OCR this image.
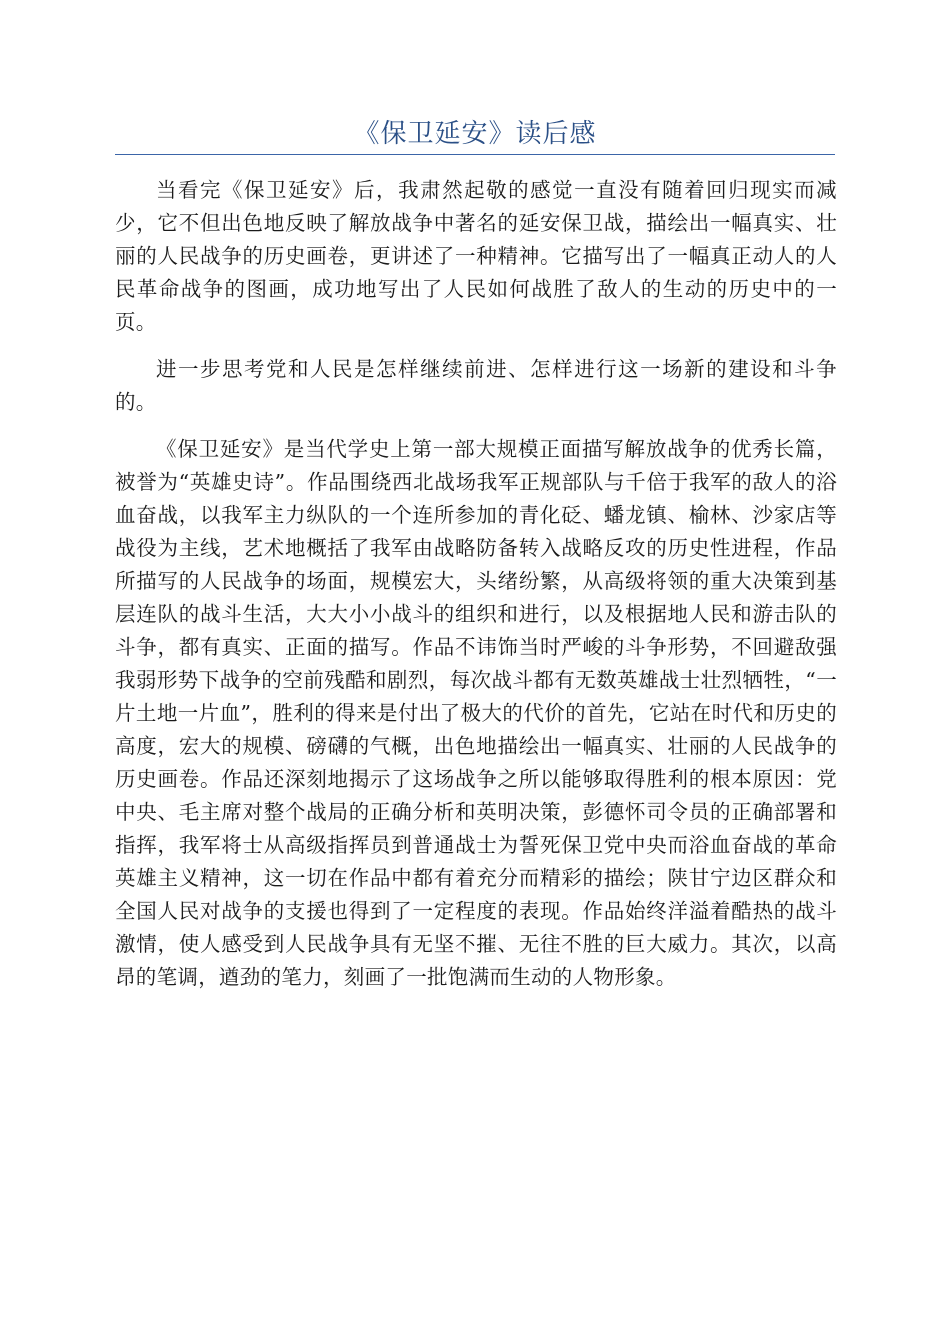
《保卫延安》读后感

当看完《保卫延安》后，我肃然起敬的感觉一直没有随着回归现实而减少，它不但出色地反映了解放战争中著名的延安保卫战，描绘出一幅真实、壮丽的人民战争的历史画卷，更讲述了一种精神。它描写出了一幅真正动人的人民革命战争的图画，成功地写出了人民如何战胜了敌人的生动的历史中的一页。

进一步思考党和人民是怎样继续前进、怎样进行这一场新的建设和斗争的。

《保卫延安》是当代学史上第一部大规模正面描写解放战争的优秀长篇，被誉为“英雄史诗”。作品围绕西北战场我军正规部队与千倍于我军的敌人的浴血奋战，以我军主力纵队的一个连所参加的青化砭、蟠龙镇、榆林、沙家店等战役为主线，艺术地概括了我军由战略防备转入战略反攻的历史性进程，作品所描写的人民战争的场面，规模宏大，头绪纷繁，从高级将领的重大决策到基层连队的战斗生活，大大小小战斗的组织和进行，以及根据地人民和游击队的斗争，都有真实、正面的描写。作品不讳饰当时严峻的斗争形势，不回避敌强我弱形势下战争的空前残酷和剧烈，每次战斗都有无数英雄战士壮烈牺牲，“一片土地一片血”，胜利的得来是付出了极大的代价的首先，它站在时代和历史的高度，宏大的规模、磅礴的气概，出色地描绘出一幅真实、壮丽的人民战争的历史画卷。作品还深刻地揭示了这场战争之所以能够取得胜利的根本原因：党中央、毛主席对整个战局的正确分析和英明决策，彭德怀司令员的正确部署和指挥，我军将士从高级指挥员到普通战士为誓死保卫党中央而浴血奋战的革命英雄主义精神，这一切在作品中都有着充分而精彩的描绘；陕甘宁边区群众和全国人民对战争的支援也得到了一定程度的表现。作品始终洋溢着酷热的战斗激情，使人感受到人民战争具有无坚不摧、无往不胜的巨大威力。其次，以高昂的笔调，遒劲的笔力，刻画了一批饱满而生动的人物形象。
